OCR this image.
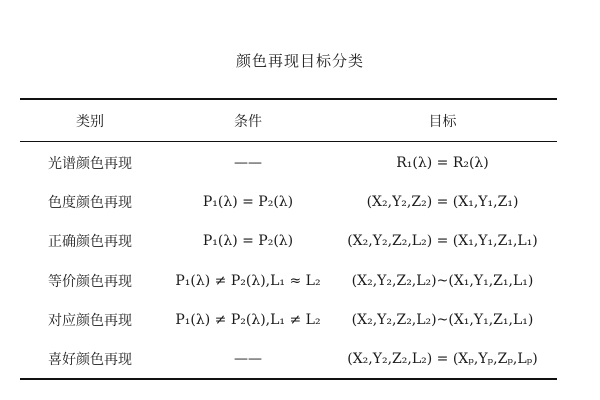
颜色再现目标分类
类别	条件	目标
光谱颜色再现	——	R₁(λ) = R₂(λ)
色度颜色再现	P₁(λ) = P₂(λ)	(X₂,Y₂,Z₂) = (X₁,Y₁,Z₁)
正确颜色再现	P₁(λ) = P₂(λ)	(X₂,Y₂,Z₂,L₂) = (X₁,Y₁,Z₁,L₁)
等价颜色再现	P₁(λ) ≠ P₂(λ),L₁ ≈ L₂	(X₂,Y₂,Z₂,L₂)~(X₁,Y₁,Z₁,L₁)
对应颜色再现	P₁(λ) ≠ P₂(λ),L₁ ≠ L₂	(X₂,Y₂,Z₂,L₂)~(X₁,Y₁,Z₁,L₁)
喜好颜色再现	——	(X₂,Y₂,Z₂,L₂) = (Xₚ,Yₚ,Zₚ,Lₚ)
